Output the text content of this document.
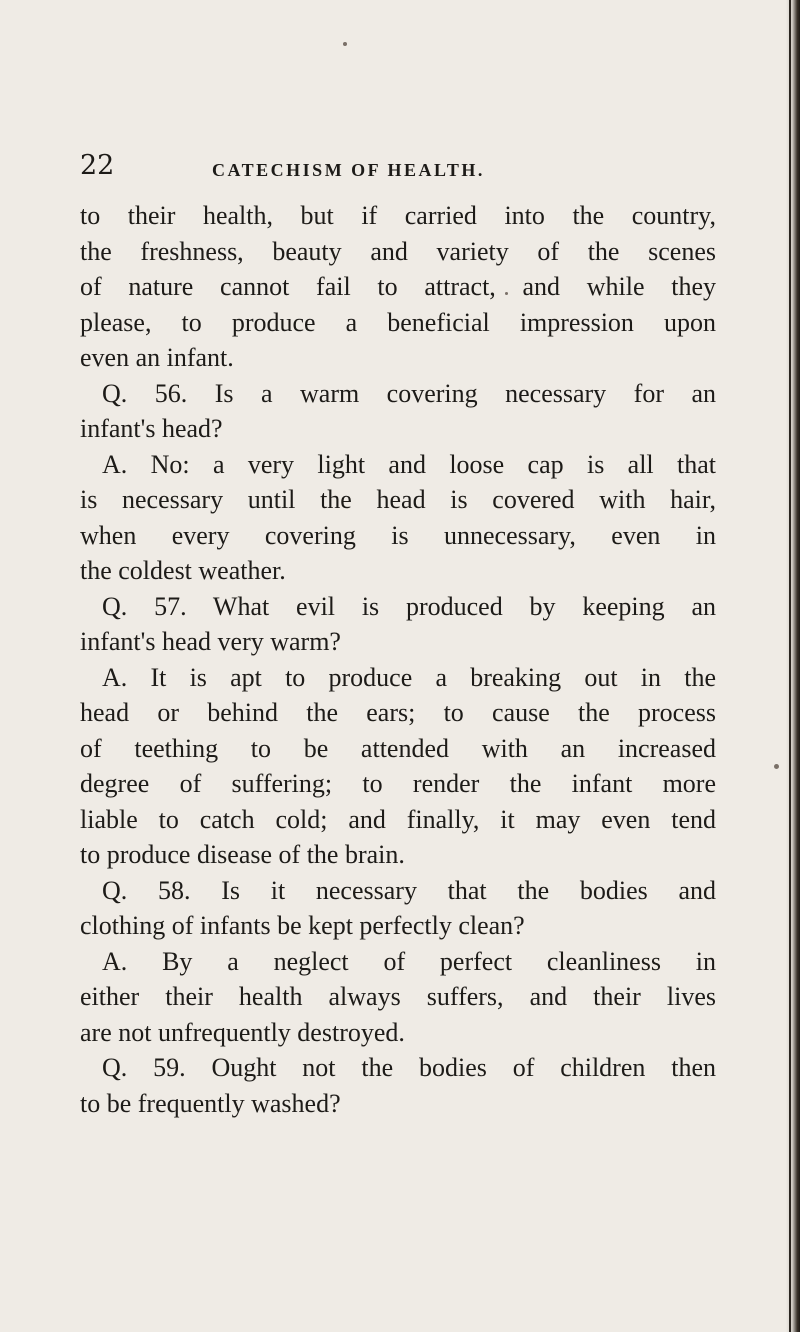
22	CATECHISM OF HEALTH.
to their health, but if carried into the country,
the freshness, beauty and variety of the scenes
of nature cannot fail to attract, and while they
please, to produce a beneficial impression upon
even an infant.
Q. 56. Is a warm covering necessary for an
infant's head?
A. No: a very light and loose cap is all that
is necessary until the head is covered with hair,
when every covering is unnecessary, even in
the coldest weather.
Q. 57. What evil is produced by keeping an
infant's head very warm?
A. It is apt to produce a breaking out in the
head or behind the ears; to cause the process
of teething to be attended with an increased
degree of suffering; to render the infant more
liable to catch cold; and finally, it may even tend
to produce disease of the brain.
Q. 58. Is it necessary that the bodies and
clothing of infants be kept perfectly clean?
A. By a neglect of perfect cleanliness in
either their health always suffers, and their lives
are not unfrequently destroyed.
Q. 59. Ought not the bodies of children then
to be frequently washed?
